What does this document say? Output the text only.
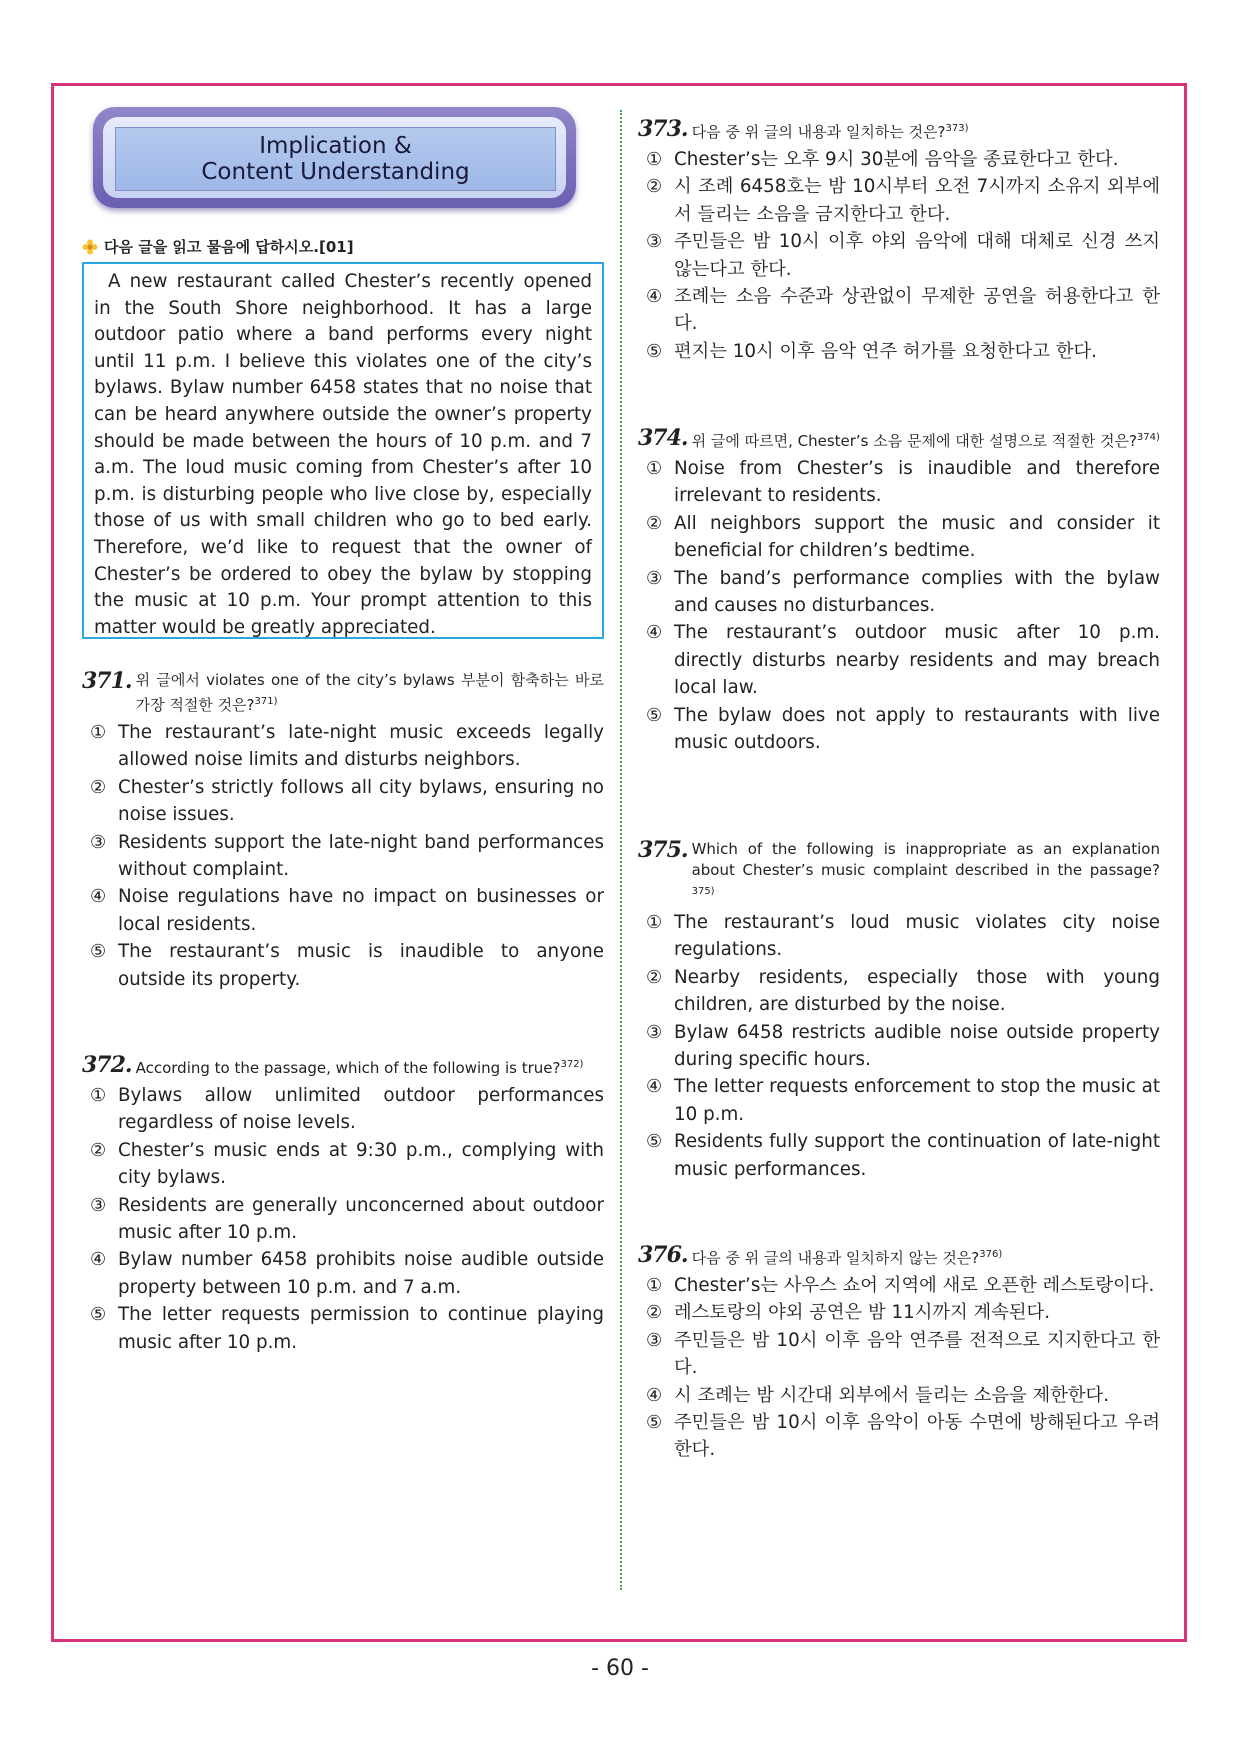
Implication &
Content Understanding
다음 글을 읽고 물음에 답하시오.[01]
A new restaurant called Chester’s recently opened in the South Shore neighborhood. It has a large outdoor patio where a band performs every night until 11 p.m. I believe this violates one of the city’s bylaws. Bylaw number 6458 states that no noise that can be heard anywhere outside the owner’s property should be made between the hours of 10 p.m. and 7 a.m. The loud music coming from Chester’s after 10 p.m. is disturbing people who live close by, especially those of us with small children who go to bed early. Therefore, we’d like to request that the owner of Chester’s be ordered to obey the bylaw by stopping the music at 10 p.m. Your prompt attention to this matter would be greatly appreciated.
371. 위 글에서 violates one of the city’s bylaws 부분이 함축하는 바로 가장 적절한 것은?$^{371)}$
① The restaurant’s late-night music exceeds legally allowed noise limits and disturbs neighbors.
② Chester’s strictly follows all city bylaws, ensuring no noise issues.
③ Residents support the late-night band performances without complaint.
④ Noise regulations have no impact on businesses or local residents.
⑤ The restaurant’s music is inaudible to anyone outside its property.
372. According to the passage, which of the following is true?$^{372)}$
① Bylaws allow unlimited outdoor performances regardless of noise levels.
② Chester’s music ends at 9:30 p.m., complying with city bylaws.
③ Residents are generally unconcerned about outdoor music after 10 p.m.
④ Bylaw number 6458 prohibits noise audible outside property between 10 p.m. and 7 a.m.
⑤ The letter requests permission to continue playing music after 10 p.m.
373. 다음 중 위 글의 내용과 일치하는 것은?$^{373)}$
① Chester’s는 오후 9시 30분에 음악을 종료한다고 한다.
② 시 조례 6458호는 밤 10시부터 오전 7시까지 소유지 외부에서 들리는 소음을 금지한다고 한다.
③ 주민들은 밤 10시 이후 야외 음악에 대해 대체로 신경 쓰지 않는다고 한다.
④ 조례는 소음 수준과 상관없이 무제한 공연을 허용한다고 한다.
⑤ 편지는 10시 이후 음악 연주 허가를 요청한다고 한다.
374. 위 글에 따르면, Chester’s 소음 문제에 대한 설명으로 적절한 것은?$^{374)}$
① Noise from Chester’s is inaudible and therefore irrelevant to residents.
② All neighbors support the music and consider it beneficial for children’s bedtime.
③ The band’s performance complies with the bylaw and causes no disturbances.
④ The restaurant’s outdoor music after 10 p.m. directly disturbs nearby residents and may breach local law.
⑤ The bylaw does not apply to restaurants with live music outdoors.
375. Which of the following is inappropriate as an explanation about Chester’s music complaint described in the passage?$^{375)}$
① The restaurant’s loud music violates city noise regulations.
② Nearby residents, especially those with young children, are disturbed by the noise.
③ Bylaw 6458 restricts audible noise outside property during specific hours.
④ The letter requests enforcement to stop the music at 10 p.m.
⑤ Residents fully support the continuation of late-night music performances.
376. 다음 중 위 글의 내용과 일치하지 않는 것은?$^{376)}$
① Chester’s는 사우스 쇼어 지역에 새로 오픈한 레스토랑이다.
② 레스토랑의 야외 공연은 밤 11시까지 계속된다.
③ 주민들은 밤 10시 이후 음악 연주를 전적으로 지지한다고 한다.
④ 시 조례는 밤 시간대 외부에서 들리는 소음을 제한한다.
⑤ 주민들은 밤 10시 이후 음악이 아동 수면에 방해된다고 우려한다.
- 60 -
